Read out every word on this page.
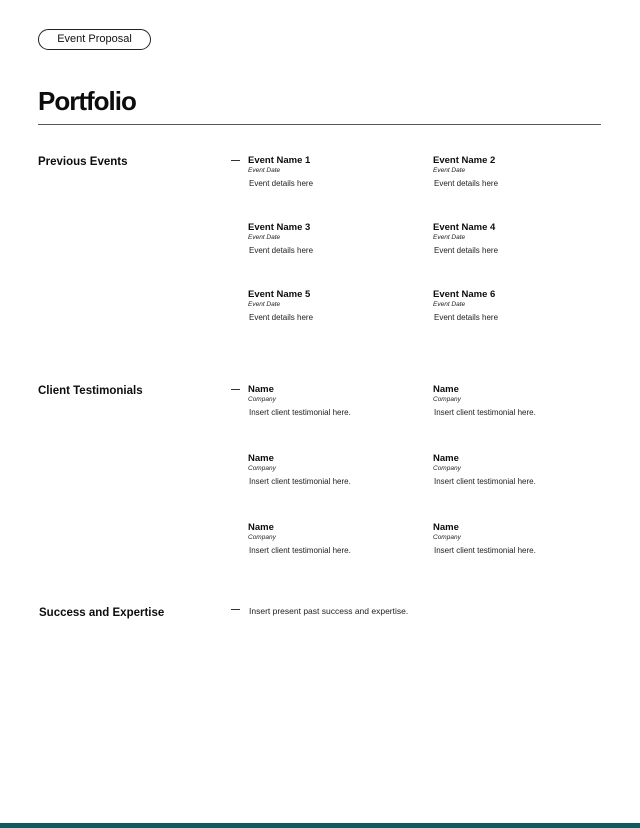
Event Proposal
Portfolio
Previous Events	Event Name 1
Event Date
Event details here
Event Name 2
Event Date
Event details here
Event Name 3
Event Date
Event details here
Event Name 4
Event Date
Event details here
Event Name 5
Event Date
Event details here
Event Name 6
Event Date
Event details here
Client Testimonials	Name
Company
Insert client testimonial here.
Name
Company
Insert client testimonial here.
Name
Company
Insert client testimonial here.
Name
Company
Insert client testimonial here.
Name
Company
Insert client testimonial here.
Name
Company
Insert client testimonial here.
Success and Expertise	Insert present past success and expertise.
